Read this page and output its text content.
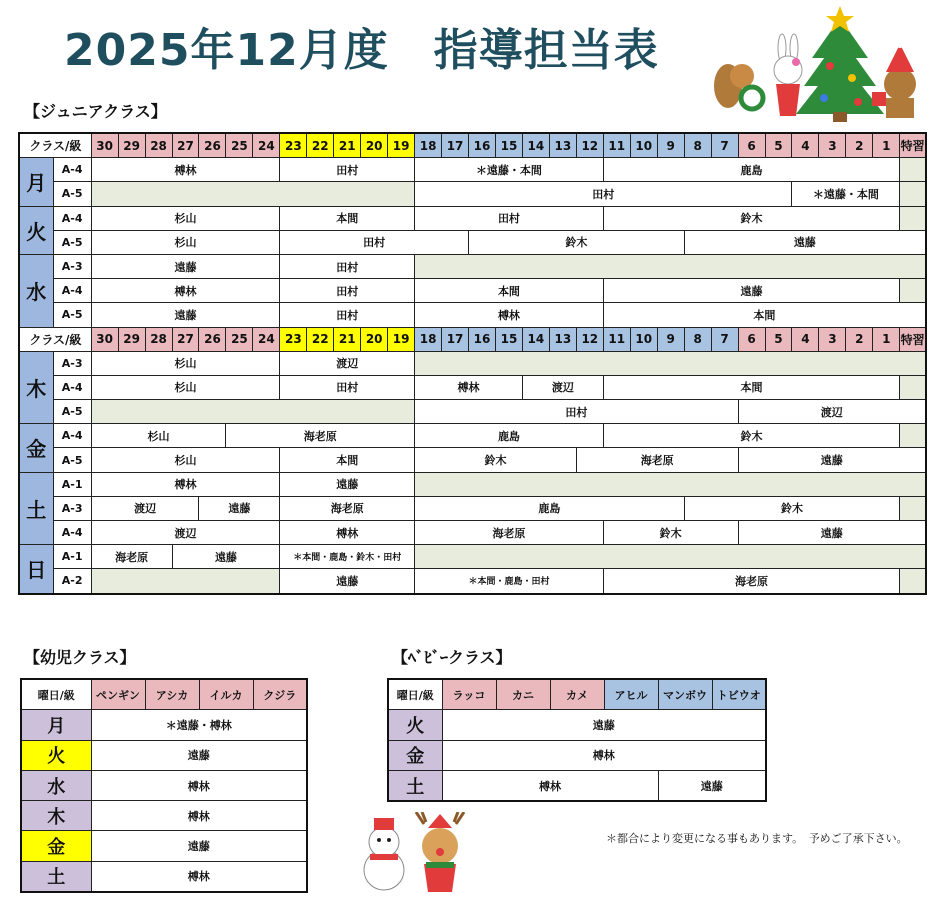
2025年12月度　指導担当表
【ジュニアクラス】
クラス/級		30	29	28	27	26	25	24	23	22	21	20	19	18	17	16	15	14	13	12	11	10	9	8	7	6	5	4	3	2	1	特習
月	A-4	榑林							田村					＊遠藤・本間							鹿島											
	A-5													田村														＊遠藤・本間				
火	A-4	杉山							本間					田村							鈴木											
	A-5	杉山							田村							鈴木								遠藤								
水	A-3	遠藤							田村																							
	A-4	榑林							田村					本間							遠藤											
	A-5	遠藤							田村					榑林							本間											
クラス/級		30	29	28	27	26	25	24	23	22	21	20	19	18	17	16	15	14	13	12	11	10	9	8	7	6	5	4	3	2	1	特習
木	A-3	杉山							渡辺																							
	A-4	杉山							田村					榑林				渡辺			本間											
	A-5													田村												渡辺						
金	A-4	杉山					海老原							鹿島							鈴木											
	A-5	杉山							本間					鈴木						海老原						遠藤						
土	A-1	榑林							遠藤																							
	A-3	渡辺				遠藤			海老原					鹿島										鈴木								
	A-4	渡辺							榑林					海老原							鈴木					遠藤						
日	A-1	海老原			遠藤				＊本間・鹿島・鈴木・田村																							
	A-2								遠藤					＊本間・鹿島・田村							海老原											
【幼児クラス】
曜日/級	ペンギン	アシカ	イルカ	クジラ
月	＊遠藤・榑林			
火	遠藤			
水	榑林			
木	榑林			
金	遠藤			
土	榑林			
【ﾍﾞﾋﾞｰクラス】
曜日/級	ラッコ	カニ	カメ	アヒル	マンボウ	トビウオ
火	遠藤					
金	榑林					
土	榑林				遠藤	
＊都合により変更になる事もあります。　予めご了承下さい。
